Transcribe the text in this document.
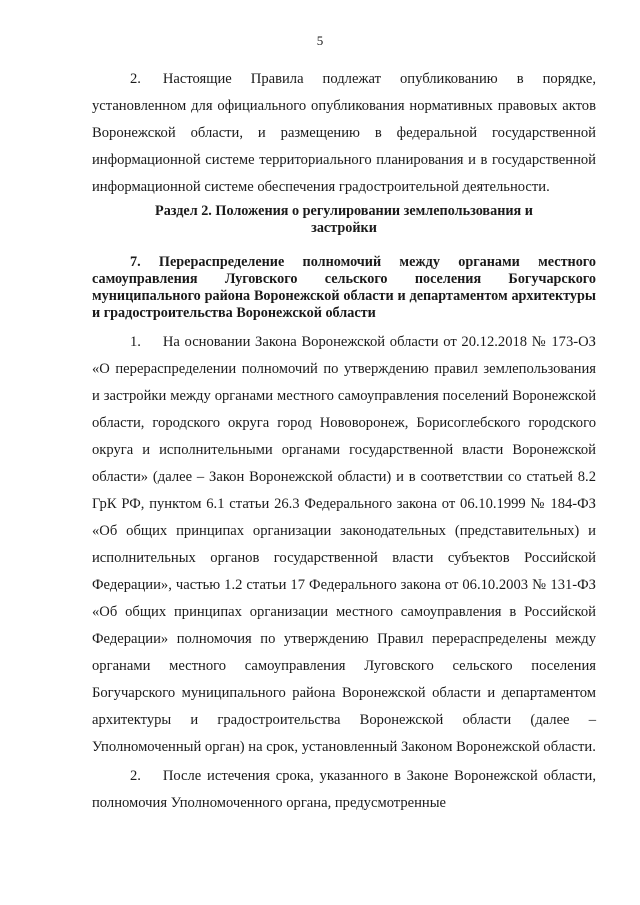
5

2.  Настоящие Правила подлежат опубликованию в порядке, установленном для официального опубликования нормативных правовых актов Воронежской области, и размещению в федеральной государственной информационной системе территориального планирования и в государственной информационной системе обеспечения градостроительной деятельности.

Раздел 2. Положения о регулировании землепользования и застройки
7. Перераспределение полномочий между органами местного самоуправления Луговского сельского поселения Богучарского муниципального района Воронежской области и департаментом архитектуры и градостроительства Воронежской области

1.  На основании Закона Воронежской области от 20.12.2018 № 173-ОЗ «О перераспределении полномочий по утверждению правил землепользования и застройки между органами местного самоуправления поселений Воронежской области, городского округа город Нововоронеж, Борисоглебского городского округа и исполнительными органами государственной власти Воронежской области» (далее – Закон Воронежской области) и в соответствии со статьей 8.2 ГрК РФ, пунктом 6.1 статьи 26.3 Федерального закона от 06.10.1999 № 184-ФЗ «Об общих принципах организации законодательных (представительных) и исполнительных органов государственной власти субъектов Российской Федерации», частью 1.2 статьи 17 Федерального закона от 06.10.2003 № 131-ФЗ «Об общих принципах организации местного самоуправления в Российской Федерации» полномочия по утверждению Правил перераспределены между органами местного самоуправления Луговского сельского поселения Богучарского муниципального района Воронежской области и департаментом архитектуры и градостроительства Воронежской области (далее – Уполномоченный орган) на срок, установленный Законом Воронежской области.

2.  После истечения срока, указанного в Законе Воронежской области, полномочия Уполномоченного органа, предусмотренные
